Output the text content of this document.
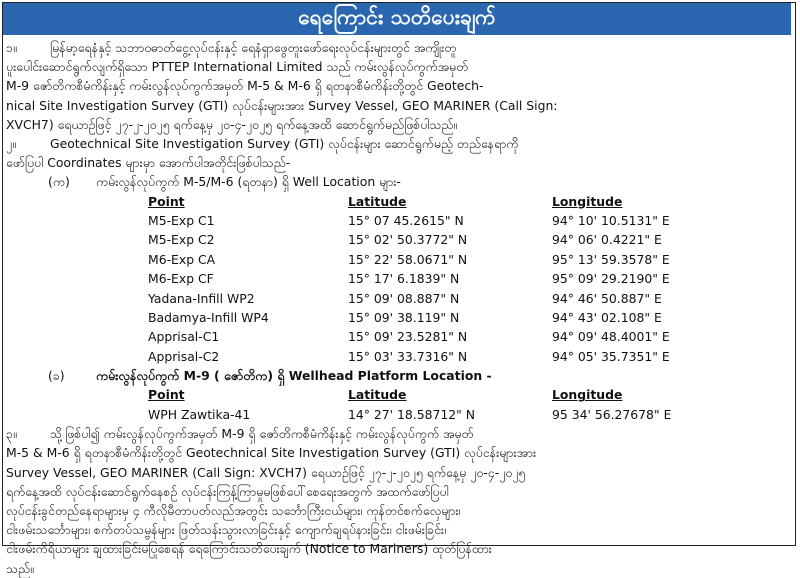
ရေကြောင်း သတိပေးချက်
၁။	မြန်မာ့ရေနံနှင့် သဘာဝဓာတ်ငွေ့လုပ်ငန်းနှင့် ရေနံရှာဖွေတူးဖော်ရေးလုပ်ငန်းများတွင် အကျိုးတူ
ပူးပေါင်းဆောင်ရွက်လျက်ရှိသော PTTEP International Limited သည် ကမ်းလွန်လုပ်ကွက်အမှတ်
M-9 ဇော်တိကစီမံကိန်းနှင့် ကမ်းလွန်လုပ်ကွက်အမှတ် M-5 & M-6 ရှိ ရတနာစီမံကိန်းတို့တွင် Geotech-
nical Site Investigation Survey (GTI) လုပ်ငန်းများအား Survey Vessel, GEO MARINER (Call Sign:
XVCH7) ရေယာဉ်ဖြင့် ၂၇-၂-၂၀၂၅ ရက်နေ့မှ ၂၀-၄-၂၀၂၅ ရက်နေ့အထိ ဆောင်ရွက်မည်ဖြစ်ပါသည်။
၂။	Geotechnical Site Investigation Survey (GTI) လုပ်ငန်းများ ဆောင်ရွက်မည့် တည်နေရာကို
ဖော်ပြပါ Coordinates များမှာ အောက်ပါအတိုင်းဖြစ်ပါသည်-
(က)	ကမ်းလွန်လုပ်ကွက် M-5/M-6 (ရတနာ) ရှိ Well Location များ-
Point	Latitude	Longitude
M5-Exp C1	15° 07 45.2615" N	94° 10' 10.5131" E
M5-Exp C2	15° 02' 50.3772" N	94° 06' 0.4221" E
M6-Exp CA	15° 22' 58.0671" N	95° 13' 59.3578" E
M6-Exp CF	15° 17' 6.1839" N	95° 09' 29.2190" E
Yadana-Infill WP2	15° 09' 08.887" N	94° 46' 50.887" E
Badamya-Infill WP4	15° 09' 38.119" N	94° 43' 02.108" E
Apprisal-C1	15° 09' 23.5281" N	94° 09' 48.4001" E
Apprisal-C2	15° 03' 33.7316" N	94° 05' 35.7351" E
(ခ)	ကမ်းလွန်လုပ်ကွက် M-9 ( ဇော်တိက) ရှိ Wellhead Platform Location -
Point	Latitude	Longitude
WPH Zawtika-41	14° 27' 18.58712" N	95 34' 56.27678" E
၃။	သို့ဖြစ်ပါ၍ ကမ်းလွန်လုပ်ကွက်အမှတ် M-9 ရှိ ဇော်တိကစီမံကိန်းနှင့် ကမ်းလွန်လုပ်ကွက် အမှတ်
M-5 & M-6 ရှိ ရတနာစီမံကိန်းတို့တွင် Geotechnical Site Investigation Survey (GTI) လုပ်ငန်းများအား
Survey Vessel, GEO MARINER (Call Sign: XVCH7) ရေယာဉ်ဖြင့် ၂၇-၂-၂၀၂၅ ရက်နေ့မှ ၂၀-၄-၂၀၂၅
ရက်နေ့အထိ လုပ်ငန်းဆောင်ရွက်နေစဉ် လုပ်ငန်းကြန့်ကြာမှုမဖြစ်ပေါ်စေရေးအတွက် အထက်ဖော်ပြပါ
လုပ်ငန်းခွင်တည်နေရာများမှ ၄ ကီလိုမီတာပတ်လည်အတွင်း သင်္ဘောကြီးငယ်များ၊ ကုန်တင်စက်လှေများ၊
ငါးဖမ်းသင်္ဘောများ၊ စက်တပ်သမ္ဗန်များ ဖြတ်သန်းသွားလာခြင်းနှင့် ကျောက်ချရပ်နားခြင်း၊ ငါးဖမ်းခြင်း၊
ငါးဖမ်းကိရိယာများ ချထားခြင်းမပြုစေရန် ရေကြောင်းသတိပေးချက် (Notice to Mariners) ထုတ်ပြန်ထား
သည်။
